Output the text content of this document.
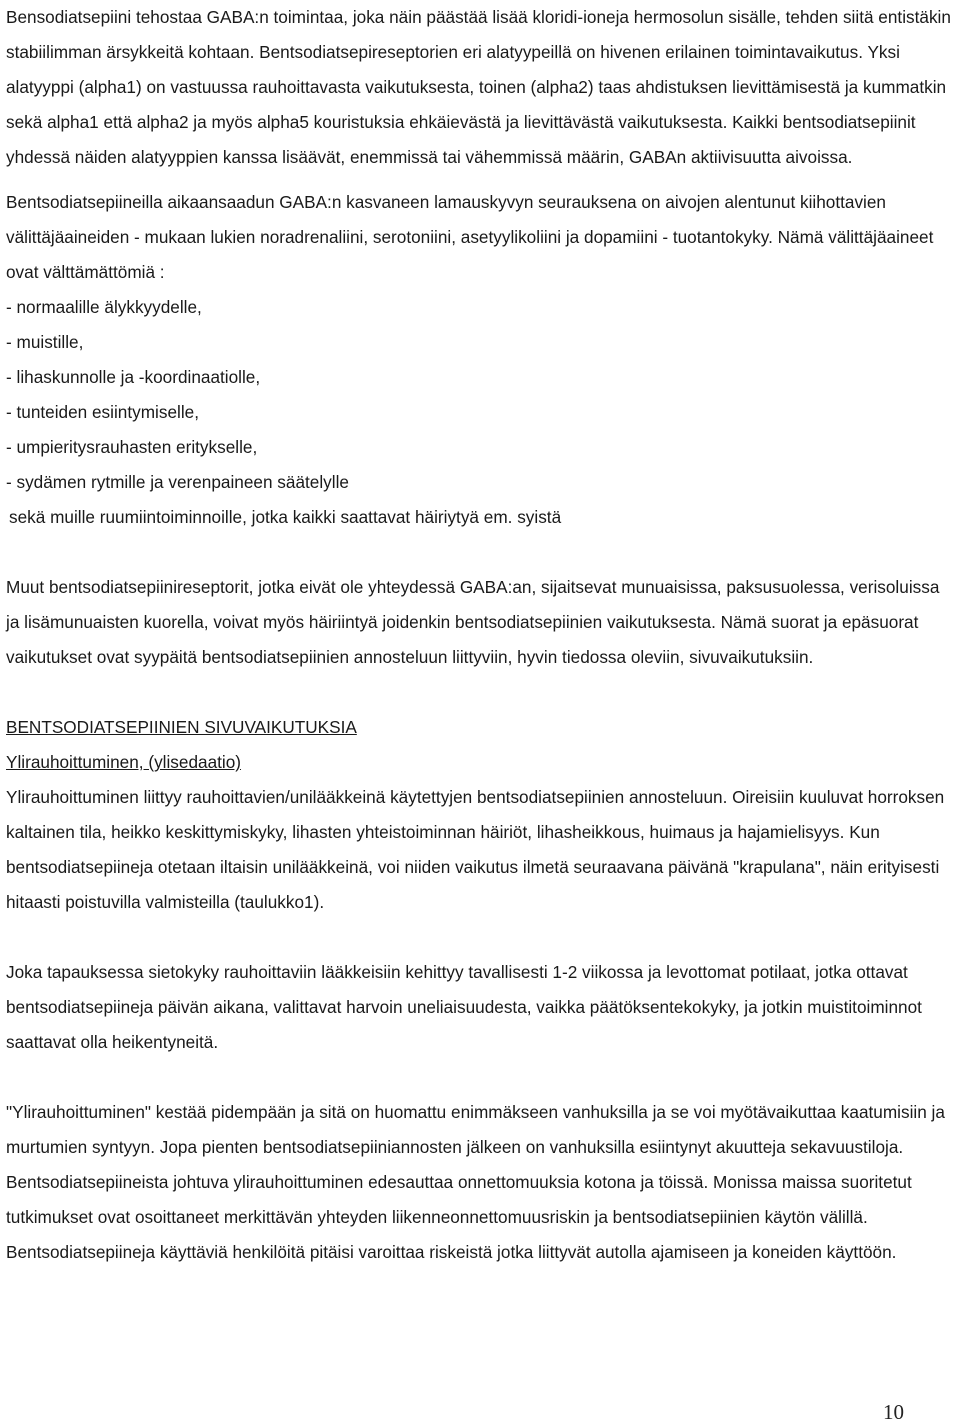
Bensodiatsepiini tehostaa GABA:n toimintaa, joka näin päästää lisää kloridi-ioneja hermosolun sisälle, tehden siitä entistäkin stabiilimman ärsykkeitä kohtaan. Bentsodiatsepireseptorien eri alatyypeillä on hivenen erilainen toimintavaikutus. Yksi alatyyppi (alpha1) on vastuussa rauhoittavasta vaikutuksesta, toinen (alpha2) taas ahdistuksen lievittämisestä ja kummatkin sekä alpha1 että alpha2 ja myös alpha5 kouristuksia ehkäievästä ja lievittävästä vaikutuksesta. Kaikki bentsodiatsepiinit yhdessä näiden alatyyppien kanssa lisäävät, enemmissä tai vähemmissä määrin, GABAn aktiivisuutta aivoissa.

Bentsodiatsepiineilla aikaansaadun GABA:n kasvaneen lamauskyvyn seurauksena on aivojen alentunut kiihottavien välittäjäaineiden - mukaan lukien noradrenaliini, serotoniini, asetyylikoliini ja dopamiini - tuotantokyky. Nämä välittäjäaineet ovat välttämättömiä :

- normaalille älykkyydelle,
- muistille,
- lihaskunnolle ja -koordinaatiolle,
- tunteiden esiintymiselle,
- umpieritysrauhasten eritykselle,
- sydämen rytmille ja verenpaineen säätelylle

sekä muille ruumiintoiminnoille, jotka kaikki saattavat häiriytyä em. syistä

Muut bentsodiatsepiinireseptorit, jotka eivät ole yhteydessä GABA:an, sijaitsevat munuaisissa, paksusuolessa, verisoluissa ja lisämunuaisten kuorella, voivat myös häiriintyä joidenkin bentsodiatsepiinien vaikutuksesta. Nämä suorat ja epäsuorat vaikutukset ovat syypäitä bentsodiatsepiinien annosteluun liittyviin, hyvin tiedossa oleviin, sivuvaikutuksiin.

BENTSODIATSEPIINIEN SIVUVAIKUTUKSIA
Ylirauhoittuminen, (ylisedaatio)

Ylirauhoittuminen liittyy rauhoittavien/unilääkkeinä käytettyjen bentsodiatsepiinien annosteluun. Oireisiin kuuluvat horroksen kaltainen tila, heikko keskittymiskyky, lihasten yhteistoiminnan häiriöt, lihasheikkous, huimaus ja hajamielisyys. Kun bentsodiatsepiineja otetaan iltaisin unilääkkeinä, voi niiden vaikutus ilmetä seuraavana päivänä "krapulana", näin erityisesti hitaasti poistuvilla valmisteilla (taulukko1).

Joka tapauksessa sietokyky rauhoittaviin lääkkeisiin kehittyy tavallisesti 1-2 viikossa ja levottomat potilaat, jotka ottavat bentsodiatsepiineja päivän aikana, valittavat harvoin uneliaisuudesta, vaikka päätöksentekokyky, ja jotkin muistitoiminnot saattavat olla heikentyneitä.

"Ylirauhoittuminen" kestää pidempään ja sitä on huomattu enimmäkseen vanhuksilla ja se voi myötävaikuttaa kaatumisiin ja murtumien syntyyn. Jopa pienten bentsodiatsepiiniannosten jälkeen on vanhuksilla esiintynyt akuutteja sekavuustiloja. Bentsodiatsepiineista johtuva ylirauhoittuminen edesauttaa onnettomuuksia kotona ja töissä. Monissa maissa suoritetut tutkimukset ovat osoittaneet merkittävän yhteyden liikenneonnettomuusriskin ja bentsodiatsepiinien käytön välillä. Bentsodiatsepiineja käyttäviä henkilöitä pitäisi varoittaa riskeistä jotka liittyvät autolla ajamiseen ja koneiden käyttöön.

10
